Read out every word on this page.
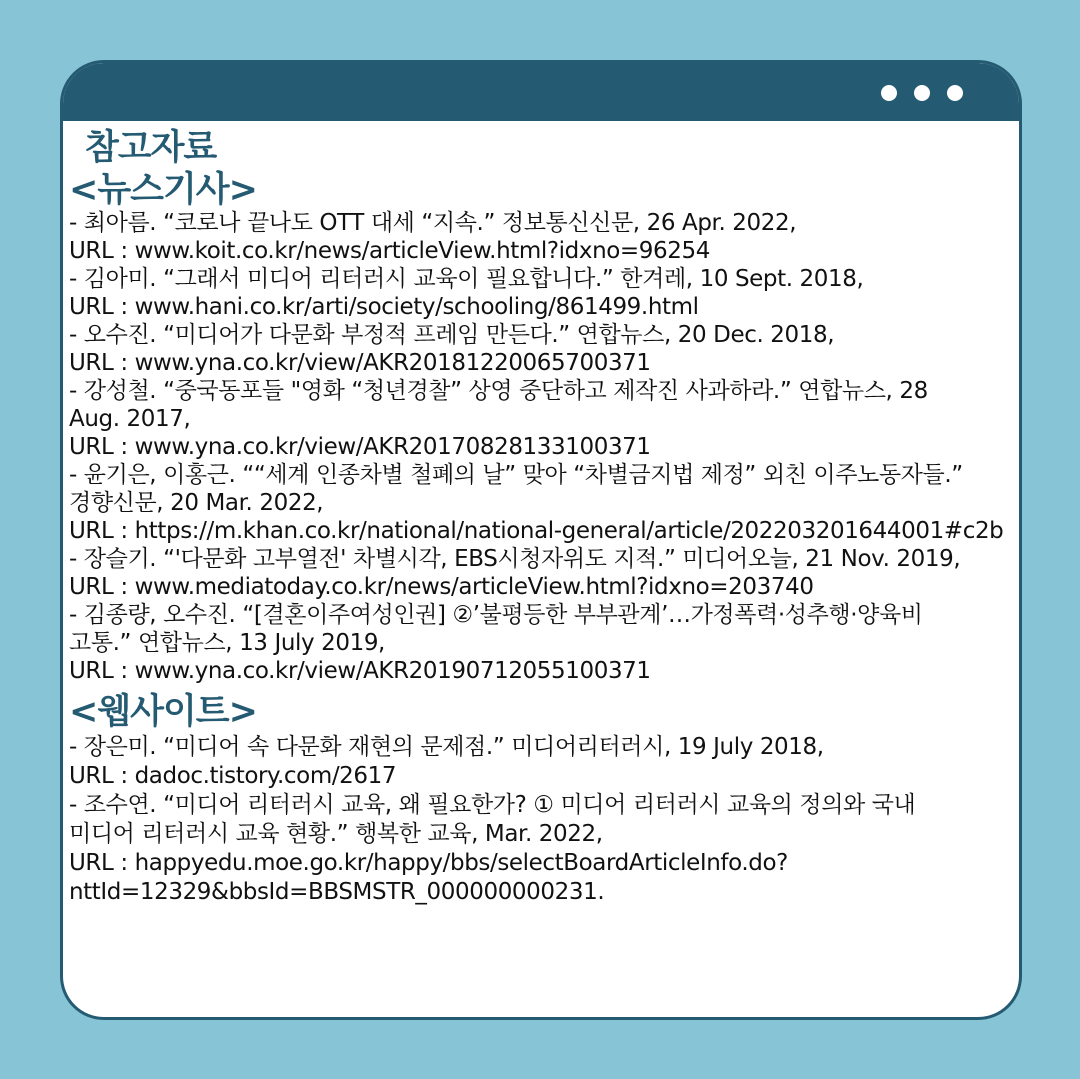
참고자료
<뉴스기사>
- 최아름. “코로나 끝나도 OTT 대세 “지속.” 정보통신신문, 26 Apr. 2022,
URL : www.koit.co.kr/news/articleView.html?idxno=96254
- 김아미. “그래서 미디어 리터러시 교육이 필요합니다.” 한겨레, 10 Sept. 2018,
URL : www.hani.co.kr/arti/society/schooling/861499.html
- 오수진. “미디어가 다문화 부정적 프레임 만든다.” 연합뉴스, 20 Dec. 2018,
URL : www.yna.co.kr/view/AKR20181220065700371
- 강성철. “중국동포들 "영화 “청년경찰” 상영 중단하고 제작진 사과하라.” 연합뉴스, 28
Aug. 2017,
URL : www.yna.co.kr/view/AKR20170828133100371
- 윤기은, 이홍근. ““세계 인종차별 철폐의 날” 맞아 “차별금지법 제정” 외친 이주노동자들.”
경향신문, 20 Mar. 2022,
URL : https://m.khan.co.kr/national/national-general/article/202203201644001#c2b
- 장슬기. “'다문화 고부열전' 차별시각, EBS시청자위도 지적.” 미디어오늘, 21 Nov. 2019,
URL : www.mediatoday.co.kr/news/articleView.html?idxno=203740
- 김종량, 오수진. “[결혼이주여성인권] ②’불평등한 부부관계’…가정폭력·성추행·양육비
고통.” 연합뉴스, 13 July 2019,
URL : www.yna.co.kr/view/AKR20190712055100371
<웹사이트>
- 장은미. “미디어 속 다문화 재현의 문제점.” 미디어리터러시, 19 July 2018,
URL : dadoc.tistory.com/2617
- 조수연. “미디어 리터러시 교육, 왜 필요한가? ① 미디어 리터러시 교육의 정의와 국내
미디어 리터러시 교육 현황.” 행복한 교육, Mar. 2022,
URL : happyedu.moe.go.kr/happy/bbs/selectBoardArticleInfo.do?nttId=12329&bbsId=BBSMSTR_000000000231.
